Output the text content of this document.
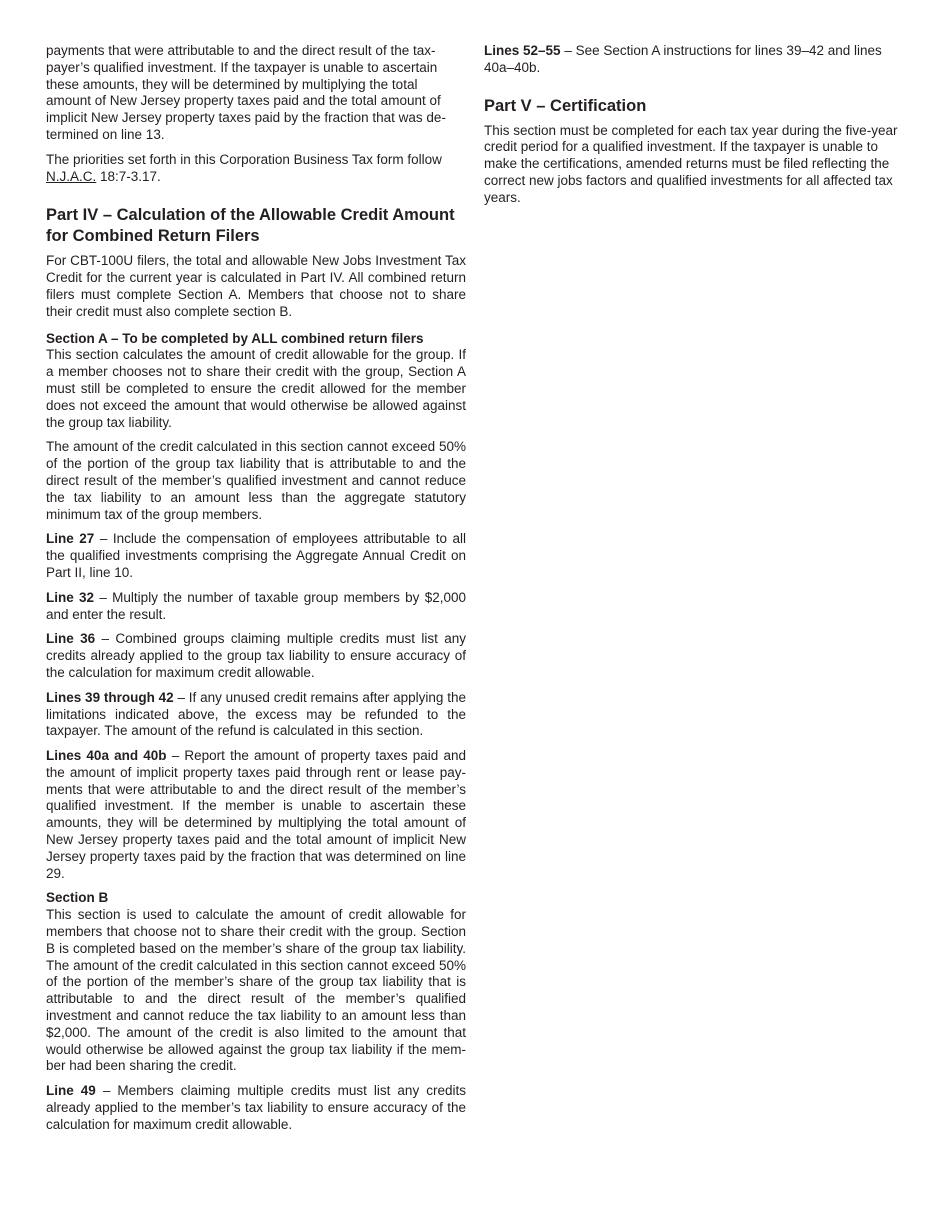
payments that were attributable to and the direct result of the taxpayer’s qualified investment. If the taxpayer is unable to ascertain these amounts, they will be determined by multiplying the total amount of New Jersey property taxes paid and the total amount of implicit New Jersey property taxes paid by the fraction that was determined on line 13.

The priorities set forth in this Corporation Business Tax form follow N.J.A.C. 18:7-3.17.

Part IV – Calculation of the Allowable Credit Amount for Combined Return Filers

For CBT-100U filers, the total and allowable New Jobs Investment Tax Credit for the current year is calculated in Part IV. All combined return filers must complete Section A. Members that choose not to share their credit must also complete section B.

Section A – To be completed by ALL combined return filers
This section calculates the amount of credit allowable for the group. If a member chooses not to share their credit with the group, Section A must still be completed to ensure the credit allowed for the member does not exceed the amount that would otherwise be allowed against the group tax liability.

The amount of the credit calculated in this section cannot exceed 50% of the portion of the group tax liability that is attributable to and the direct result of the member’s qualified investment and cannot reduce the tax liability to an amount less than the aggregate statutory minimum tax of the group members.

Line 27 – Include the compensation of employees attributable to all the qualified investments comprising the Aggregate Annual Credit on Part II, line 10.

Line 32 – Multiply the number of taxable group members by $2,000 and enter the result.

Line 36 – Combined groups claiming multiple credits must list any credits already applied to the group tax liability to ensure accuracy of the calculation for maximum credit allowable.

Lines 39 through 42 – If any unused credit remains after applying the limitations indicated above, the excess may be refunded to the taxpayer. The amount of the refund is calculated in this section.

Lines 40a and 40b – Report the amount of property taxes paid and the amount of implicit property taxes paid through rent or lease payments that were attributable to and the direct result of the member’s qualified investment. If the member is unable to ascertain these amounts, they will be determined by multiplying the total amount of New Jersey property taxes paid and the total amount of implicit New Jersey property taxes paid by the fraction that was determined on line 29.

Section B
This section is used to calculate the amount of credit allowable for members that choose not to share their credit with the group. Section B is completed based on the member’s share of the group tax liability. The amount of the credit calculated in this section cannot exceed 50% of the portion of the member’s share of the group tax liability that is attributable to and the direct result of the member’s qualified investment and cannot reduce the tax liability to an amount less than $2,000. The amount of the credit is also limited to the amount that would otherwise be allowed against the group tax liability if the member had been sharing the credit.

Line 49 – Members claiming multiple credits must list any credits already applied to the member’s tax liability to ensure accuracy of the calculation for maximum credit allowable.

Lines 52–55 – See Section A instructions for lines 39–42 and lines 40a–40b.

Part V – Certification

This section must be completed for each tax year during the five-year credit period for a qualified investment. If the taxpayer is unable to make the certifications, amended returns must be filed reflecting the correct new jobs factors and qualified investments for all affected tax years.
